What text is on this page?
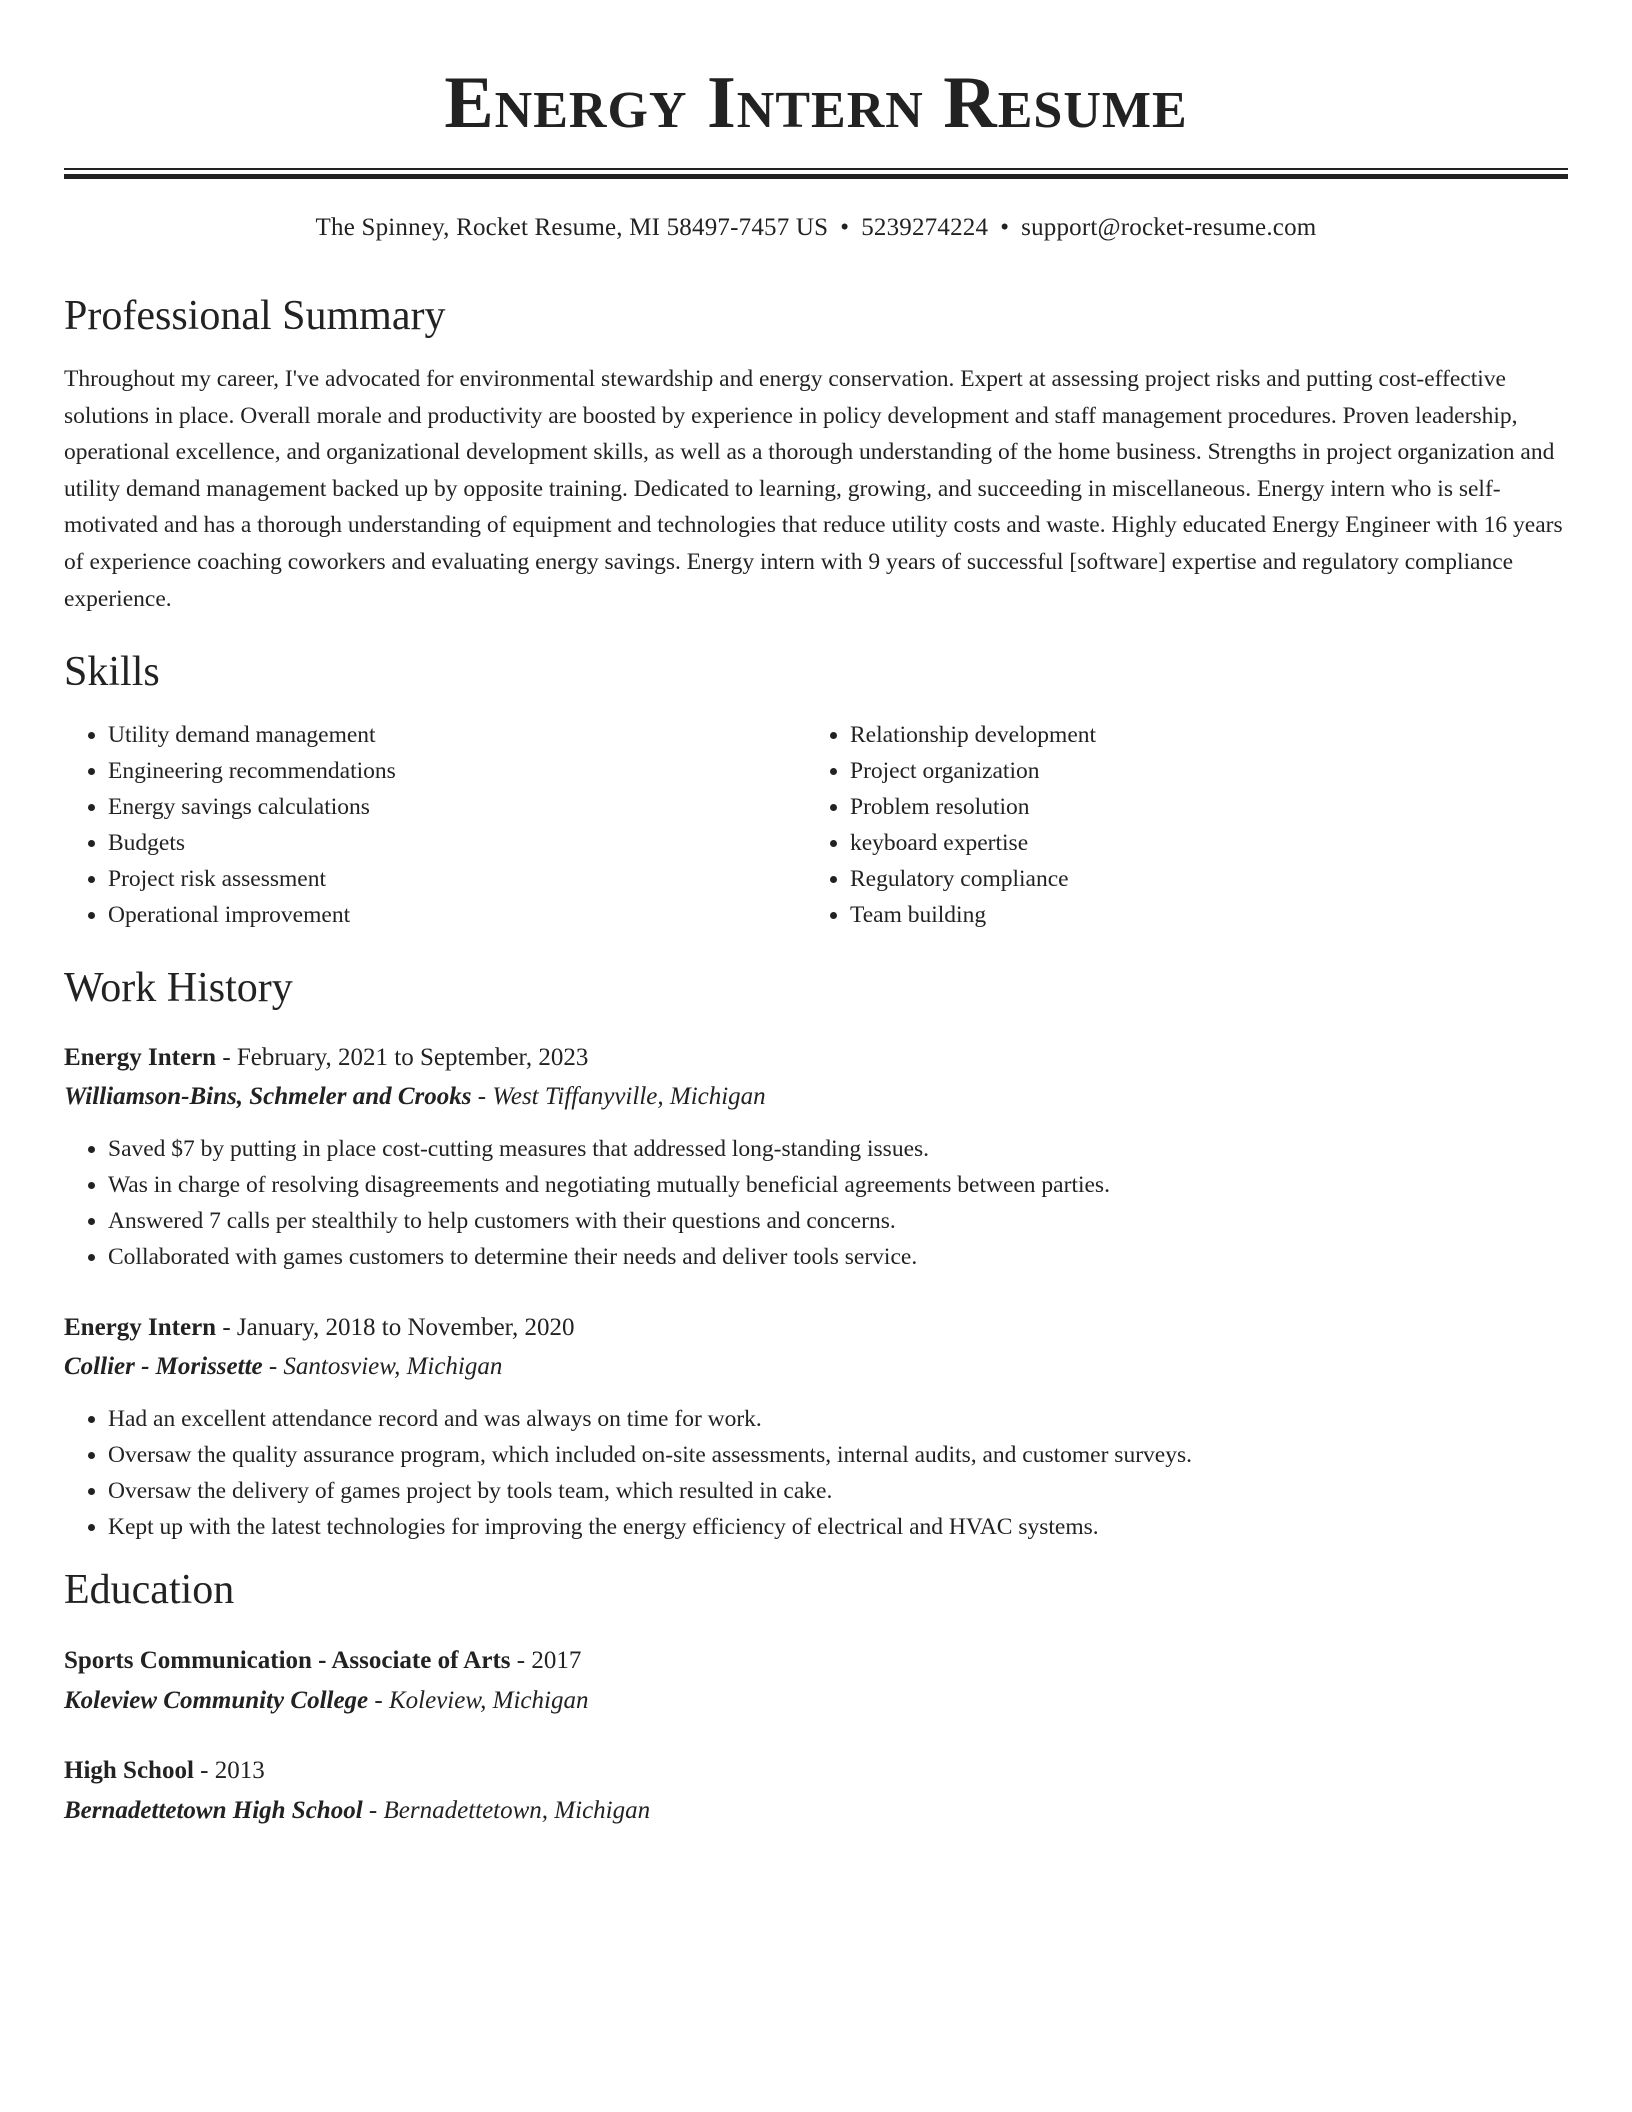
Energy Intern Resume
The Spinney, Rocket Resume, MI 58497-7457 US • 5239274224 • support@rocket-resume.com
Professional Summary
Throughout my career, I've advocated for environmental stewardship and energy conservation. Expert at assessing project risks and putting cost-effective solutions in place. Overall morale and productivity are boosted by experience in policy development and staff management procedures. Proven leadership, operational excellence, and organizational development skills, as well as a thorough understanding of the home business. Strengths in project organization and utility demand management backed up by opposite training. Dedicated to learning, growing, and succeeding in miscellaneous. Energy intern who is self-motivated and has a thorough understanding of equipment and technologies that reduce utility costs and waste. Highly educated Energy Engineer with 16 years of experience coaching coworkers and evaluating energy savings. Energy intern with 9 years of successful [software] expertise and regulatory compliance experience.
Skills
• Utility demand management
• Engineering recommendations
• Energy savings calculations
• Budgets
• Project risk assessment
• Operational improvement
• Relationship development
• Project organization
• Problem resolution
• keyboard expertise
• Regulatory compliance
• Team building
Work History
Energy Intern - February, 2021 to September, 2023
Williamson-Bins, Schmeler and Crooks - West Tiffanyville, Michigan
• Saved $7 by putting in place cost-cutting measures that addressed long-standing issues.
• Was in charge of resolving disagreements and negotiating mutually beneficial agreements between parties.
• Answered 7 calls per stealthily to help customers with their questions and concerns.
• Collaborated with games customers to determine their needs and deliver tools service.
Energy Intern - January, 2018 to November, 2020
Collier - Morissette - Santosview, Michigan
• Had an excellent attendance record and was always on time for work.
• Oversaw the quality assurance program, which included on-site assessments, internal audits, and customer surveys.
• Oversaw the delivery of games project by tools team, which resulted in cake.
• Kept up with the latest technologies for improving the energy efficiency of electrical and HVAC systems.
Education
Sports Communication - Associate of Arts - 2017
Koleview Community College - Koleview, Michigan
High School - 2013
Bernadettetown High School - Bernadettetown, Michigan
